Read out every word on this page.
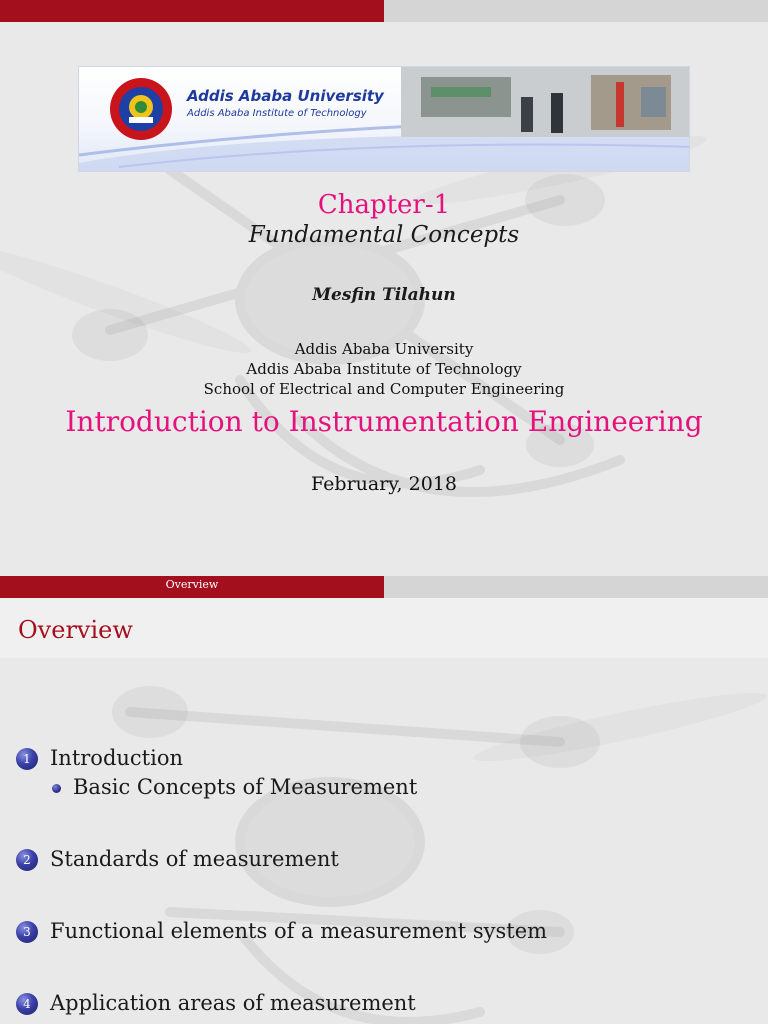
Addis Ababa University
Addis Ababa Institute of Technology
Chapter-1
Fundamental Concepts
Mesfin Tilahun
Addis Ababa University
Addis Ababa Institute of Technology
School of Electrical and Computer Engineering
Introduction to Instrumentation Engineering
February, 2018
Overview
Overview
1 Introduction
Basic Concepts of Measurement
2 Standards of measurement
3 Functional elements of a measurement system
4 Application areas of measurement
